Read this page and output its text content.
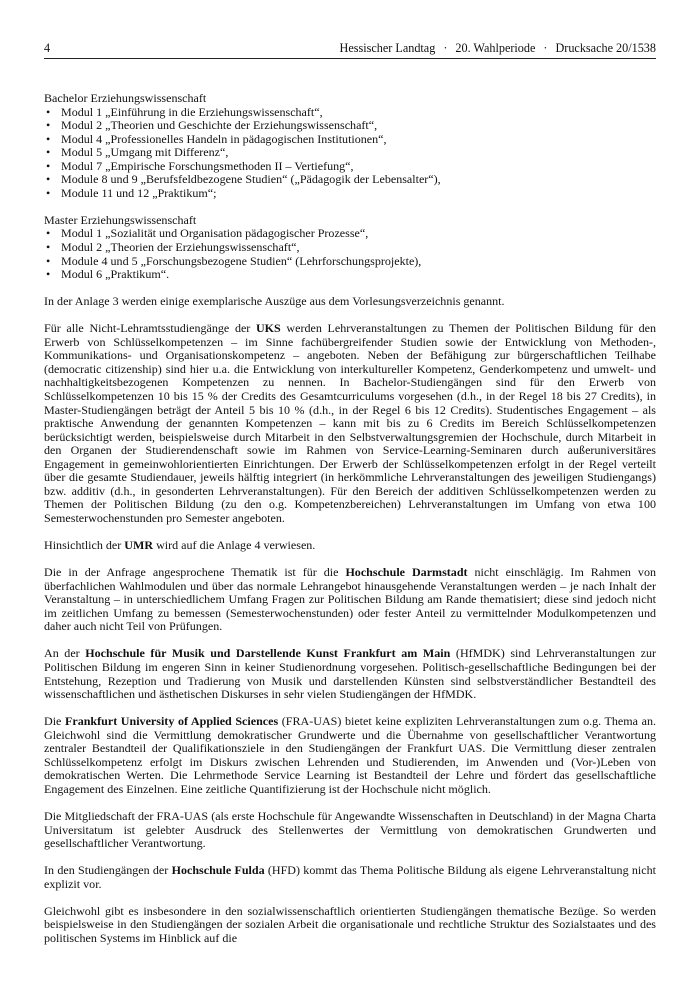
4	Hessischer Landtag · 20. Wahlperiode · Drucksache 20/1538
Bachelor Erziehungswissenschaft
• Modul 1 „Einführung in die Erziehungswissenschaft“,
• Modul 2 „Theorien und Geschichte der Erziehungswissenschaft“,
• Modul 4 „Professionelles Handeln in pädagogischen Institutionen“,
• Modul 5 „Umgang mit Differenz“,
• Modul 7 „Empirische Forschungsmethoden II – Vertiefung“,
• Module 8 und 9 „Berufsfeldbezogene Studien“ („Pädagogik der Lebensalter“),
• Module 11 und 12 „Praktikum“;
Master Erziehungswissenschaft
• Modul 1 „Sozialität und Organisation pädagogischer Prozesse“,
• Modul 2 „Theorien der Erziehungswissenschaft“,
• Module 4 und 5 „Forschungsbezogene Studien“ (Lehrforschungsprojekte),
• Modul 6 „Praktikum“.

In der Anlage 3 werden einige exemplarische Auszüge aus dem Vorlesungsverzeichnis genannt.

Für alle Nicht-Lehramtsstudiengänge der UKS werden Lehrveranstaltungen zu Themen der Politischen Bildung für den Erwerb von Schlüsselkompetenzen – im Sinne fachübergreifender Studien sowie der Entwicklung von Methoden-, Kommunikations- und Organisationskompetenz – angeboten. Neben der Befähigung zur bürgerschaftlichen Teilhabe (democratic citizenship) sind hier u.a. die Entwicklung von interkultureller Kompetenz, Genderkompetenz und umwelt- und nachhaltigkeitsbezogenen Kompetenzen zu nennen. In Bachelor-Studiengängen sind für den Erwerb von Schlüsselkompetenzen 10 bis 15 % der Credits des Gesamtcurriculums vorgesehen (d.h., in der Regel 18 bis 27 Credits), in Master-Studiengängen beträgt der Anteil 5 bis 10 % (d.h., in der Regel 6 bis 12 Credits). Studentisches Engagement – als praktische Anwendung der genannten Kompetenzen – kann mit bis zu 6 Credits im Bereich Schlüsselkompetenzen berücksichtigt werden, beispielsweise durch Mitarbeit in den Selbstverwaltungsgremien der Hochschule, durch Mitarbeit in den Organen der Studierendenschaft sowie im Rahmen von Service-Learning-Seminaren durch außeruniversitäres Engagement in gemeinwohlorientierten Einrichtungen. Der Erwerb der Schlüsselkompetenzen erfolgt in der Regel verteilt über die gesamte Studiendauer, jeweils hälftig integriert (in herkömmliche Lehrveranstaltungen des jeweiligen Studiengangs) bzw. additiv (d.h., in gesonderten Lehrveranstaltungen). Für den Bereich der additiven Schlüsselkompetenzen werden zu Themen der Politischen Bildung (zu den o.g. Kompetenzbereichen) Lehrveranstaltungen im Umfang von etwa 100 Semesterwochenstunden pro Semester angeboten.

Hinsichtlich der UMR wird auf die Anlage 4 verwiesen.

Die in der Anfrage angesprochene Thematik ist für die Hochschule Darmstadt nicht einschlägig. Im Rahmen von überfachlichen Wahlmodulen und über das normale Lehrangebot hinausgehende Veranstaltungen werden – je nach Inhalt der Veranstaltung – in unterschiedlichem Umfang Fragen zur Politischen Bildung am Rande thematisiert; diese sind jedoch nicht im zeitlichen Umfang zu bemessen (Semesterwochenstunden) oder fester Anteil zu vermittelnder Modulkompetenzen und daher auch nicht Teil von Prüfungen.

An der Hochschule für Musik und Darstellende Kunst Frankfurt am Main (HfMDK) sind Lehrveranstaltungen zur Politischen Bildung im engeren Sinn in keiner Studienordnung vorgesehen. Politisch-gesellschaftliche Bedingungen bei der Entstehung, Rezeption und Tradierung von Musik und darstellenden Künsten sind selbstverständlicher Bestandteil des wissenschaftlichen und ästhetischen Diskurses in sehr vielen Studiengängen der HfMDK.

Die Frankfurt University of Applied Sciences (FRA-UAS) bietet keine expliziten Lehrveranstaltungen zum o.g. Thema an. Gleichwohl sind die Vermittlung demokratischer Grundwerte und die Übernahme von gesellschaftlicher Verantwortung zentraler Bestandteil der Qualifikationsziele in den Studiengängen der Frankfurt UAS. Die Vermittlung dieser zentralen Schlüsselkompetenz erfolgt im Diskurs zwischen Lehrenden und Studierenden, im Anwenden und (Vor-)Leben von demokratischen Werten. Die Lehrmethode Service Learning ist Bestandteil der Lehre und fördert das gesellschaftliche Engagement des Einzelnen. Eine zeitliche Quantifizierung ist der Hochschule nicht möglich.

Die Mitgliedschaft der FRA-UAS (als erste Hochschule für Angewandte Wissenschaften in Deutschland) in der Magna Charta Universitatum ist gelebter Ausdruck des Stellenwertes der Vermittlung von demokratischen Grundwerten und gesellschaftlicher Verantwortung.

In den Studiengängen der Hochschule Fulda (HFD) kommt das Thema Politische Bildung als eigene Lehrveranstaltung nicht explizit vor.

Gleichwohl gibt es insbesondere in den sozialwissenschaftlich orientierten Studiengängen thematische Bezüge. So werden beispielsweise in den Studiengängen der sozialen Arbeit die organisationale und rechtliche Struktur des Sozialstaates und des politischen Systems im Hinblick auf die
